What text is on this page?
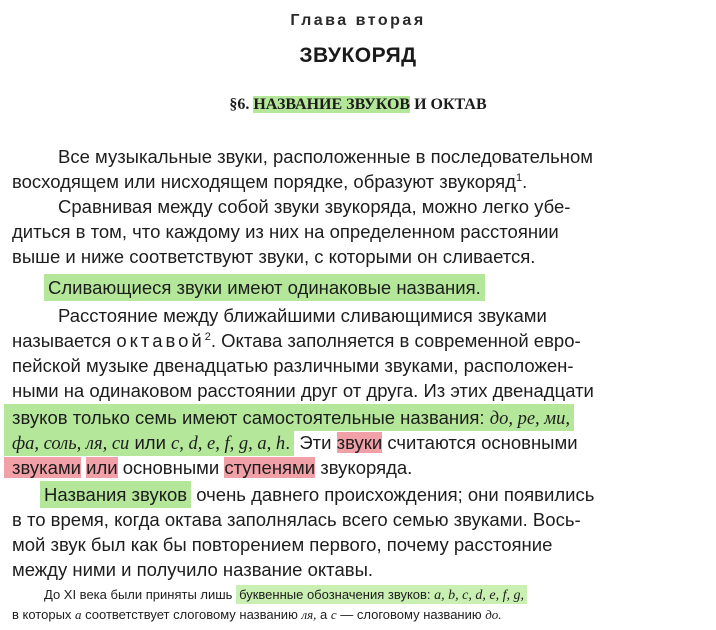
Глава вторая
ЗВУКОРЯД
§6. НАЗВАНИЕ ЗВУКОВ И ОКТАВ
Все музыкальные звуки, расположенные в последовательном
восходящем или нисходящем порядке, образуют звукоряд$^1$.
Сравнивая между собой звуки звукоряда, можно легко убе-
диться в том, что каждому из них на определенном расстоянии
выше и ниже соответствуют звуки, с которыми он сливается.
Сливающиеся звуки имеют одинаковые названия.
Расстояние между ближайшими сливающимися звуками
называется октавой$^2$. Октава заполняется в современной евро-
пейской музыке двенадцатью различными звуками, расположен-
ными на одинаковом расстоянии друг от друга. Из этих двенадцати
звуков только семь имеют самостоятельные названия: до, ре, ми,
фа, соль, ля, си или c, d, e, f, g, a, h. Эти звуки считаются основными
звуками или основными ступенями звукоряда.
Названия звуков очень давнего происхождения; они появились
в то время, когда октава заполнялась всего семью звуками. Вось-
мой звук был как бы повторением первого, почему расстояние
между ними и получило название октавы.
До XI века были приняты лишь буквенные обозначения звуков: a, b, c, d, e, f, g,
в которых a соответствует слоговому названию ля, а c — слоговому названию до.
